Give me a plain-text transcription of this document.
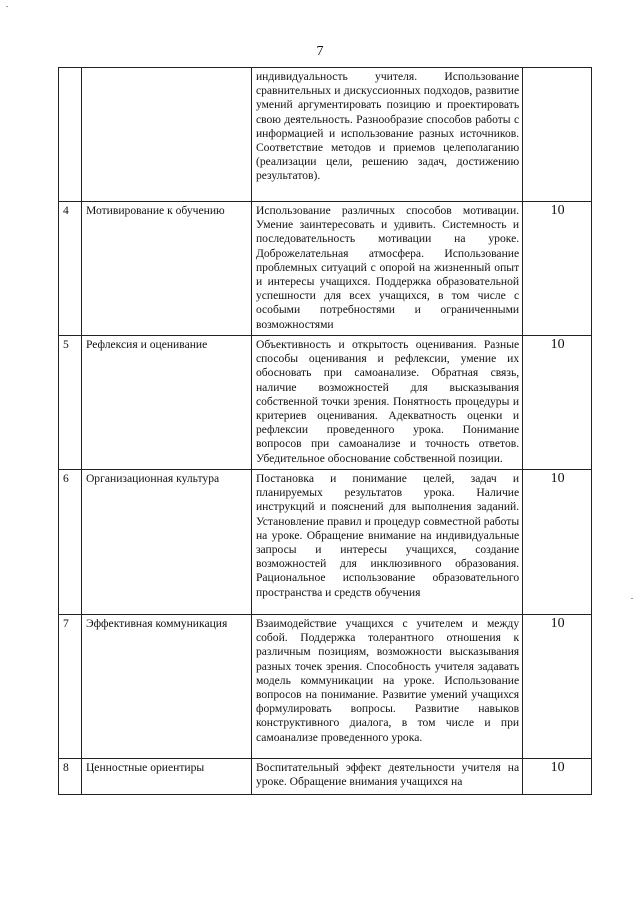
7
		индивидуальность учителя. Использование сравнительных и дискуссионных подходов, развитие умений аргументировать позицию и проектировать свою деятельность. Разнообразие способов работы с информацией и использование разных источников. Соответствие методов и приемов целеполаганию (реализации цели, решению задач, достижению результатов).	
4	Мотивирование к обучению	Использование различных способов мотивации. Умение заинтересовать и удивить. Системность и последовательность мотивации на уроке. Доброжелательная атмосфера. Использование проблемных ситуаций с опорой на жизненный опыт и интересы учащихся. Поддержка образовательной успешности для всех учащихся, в том числе с особыми потребностями и ограниченными возможностями	10
5	Рефлексия и оценивание	Объективность и открытость оценивания. Разные способы оценивания и рефлексии, умение их обосновать при самоанализе. Обратная связь, наличие возможностей для высказывания собственной точки зрения. Понятность процедуры и критериев оценивания. Адекватность оценки и рефлексии проведенного урока. Понимание вопросов при самоанализе и точность ответов. Убедительное обоснование собственной позиции.	10
6	Организационная культура	Постановка и понимание целей, задач и планируемых результатов урока. Наличие инструкций и пояснений для выполнения заданий. Установление правил и процедур совместной работы на уроке. Обращение внимание на индивидуальные запросы и интересы учащихся, создание возможностей для инклюзивного образования. Рациональное использование образовательного пространства и средств обучения	10
7	Эффективная коммуникация	Взаимодействие учащихся с учителем и между собой. Поддержка толерантного отношения к различным позициям, возможности высказывания разных точек зрения. Способность учителя задавать модель коммуникации на уроке. Использование вопросов на понимание. Развитие умений учащихся формулировать вопросы. Развитие навыков конструктивного диалога, в том числе и при самоанализе проведенного урока.	10
8	Ценностные ориентиры	Воспитательный эффект деятельности учителя на уроке. Обращение внимания учащихся на	10
